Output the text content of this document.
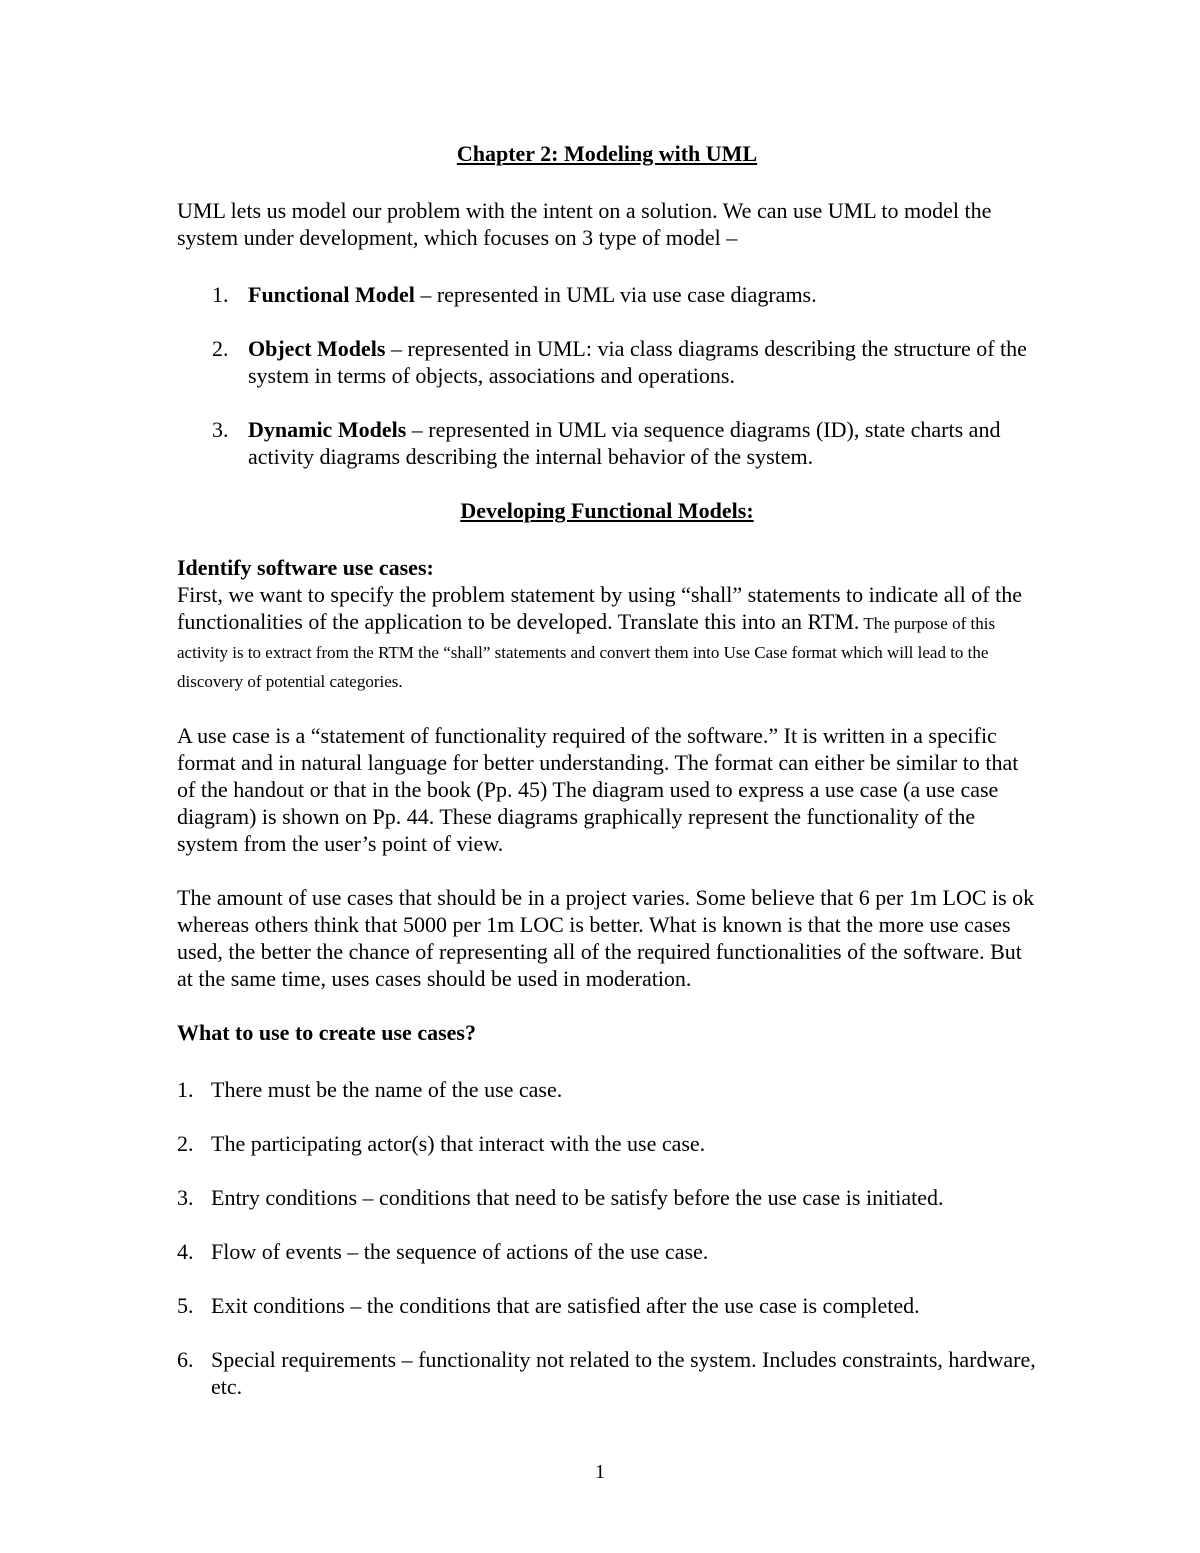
Chapter 2: Modeling with UML

UML lets us model our problem with the intent on a solution. We can use UML to model the system under development, which focuses on 3 type of model –

1. Functional Model – represented in UML via use case diagrams.
2. Object Models – represented in UML: via class diagrams describing the structure of the system in terms of objects, associations and operations.
3. Dynamic Models – represented in UML via sequence diagrams (ID), state charts and activity diagrams describing the internal behavior of the system.

Developing Functional Models:

Identify software use cases:

First, we want to specify the problem statement by using “shall” statements to indicate all of the functionalities of the application to be developed. Translate this into an RTM. The purpose of this activity is to extract from the RTM the “shall” statements and convert them into Use Case format which will lead to the discovery of potential categories.

A use case is a “statement of functionality required of the software.” It is written in a specific format and in natural language for better understanding. The format can either be similar to that of the handout or that in the book (Pp. 45) The diagram used to express a use case (a use case diagram) is shown on Pp. 44. These diagrams graphically represent the functionality of the system from the user’s point of view.

The amount of use cases that should be in a project varies. Some believe that 6 per 1m LOC is ok whereas others think that 5000 per 1m LOC is better. What is known is that the more use cases used, the better the chance of representing all of the required functionalities of the software. But at the same time, uses cases should be used in moderation.

What to use to create use cases?

1. There must be the name of the use case.
2. The participating actor(s) that interact with the use case.
3. Entry conditions – conditions that need to be satisfy before the use case is initiated.
4. Flow of events – the sequence of actions of the use case.
5. Exit conditions – the conditions that are satisfied after the use case is completed.
6. Special requirements – functionality not related to the system. Includes constraints, hardware, etc.
1
